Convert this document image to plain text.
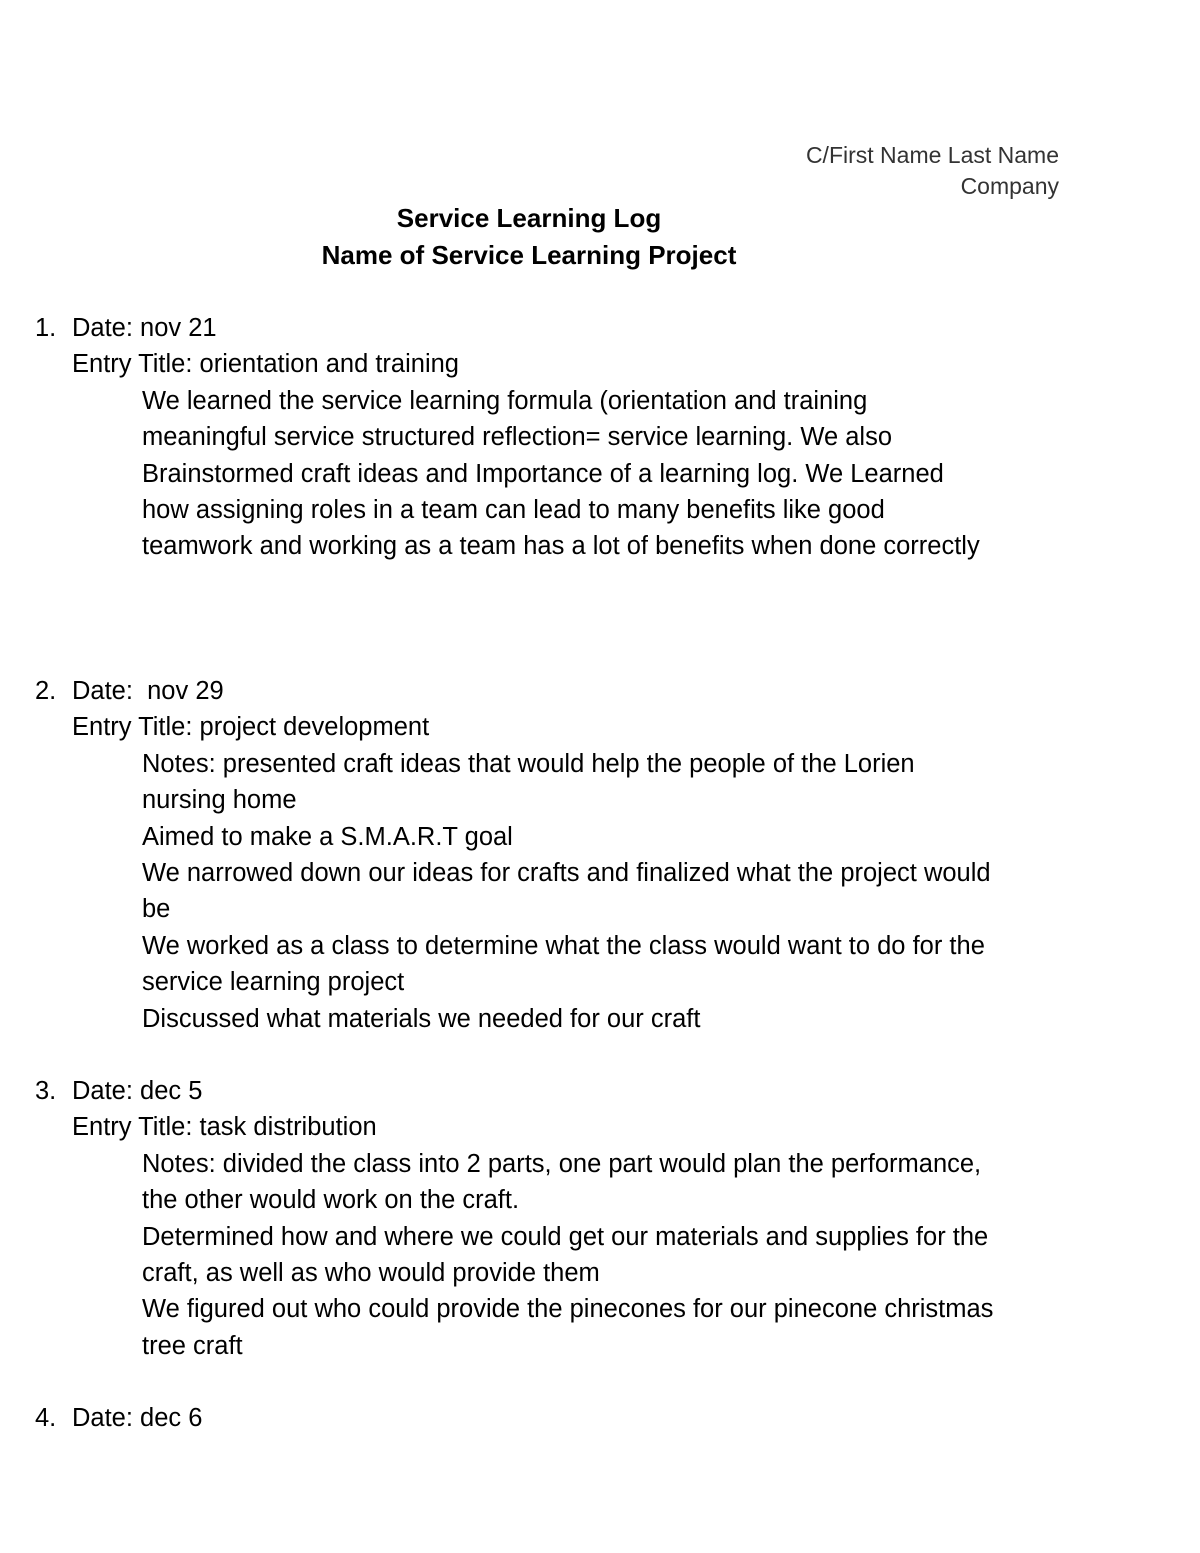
C/First Name Last Name
Company
Service Learning Log
Name of Service Learning Project
1. Date: nov 21
Entry Title: orientation and training
We learned the service learning formula (orientation and training
meaningful service structured reflection= service learning. We also
Brainstormed craft ideas and Importance of a learning log. We Learned
how assigning roles in a team can lead to many benefits like good
teamwork and working as a team has a lot of benefits when done correctly
2. Date:  nov 29
Entry Title: project development
Notes: presented craft ideas that would help the people of the Lorien
nursing home
Aimed to make a S.M.A.R.T goal
We narrowed down our ideas for crafts and finalized what the project would
be
We worked as a class to determine what the class would want to do for the
service learning project
Discussed what materials we needed for our craft
3. Date: dec 5
Entry Title: task distribution
Notes: divided the class into 2 parts, one part would plan the performance,
the other would work on the craft.
Determined how and where we could get our materials and supplies for the
craft, as well as who would provide them
We figured out who could provide the pinecones for our pinecone christmas
tree craft
4. Date: dec 6
